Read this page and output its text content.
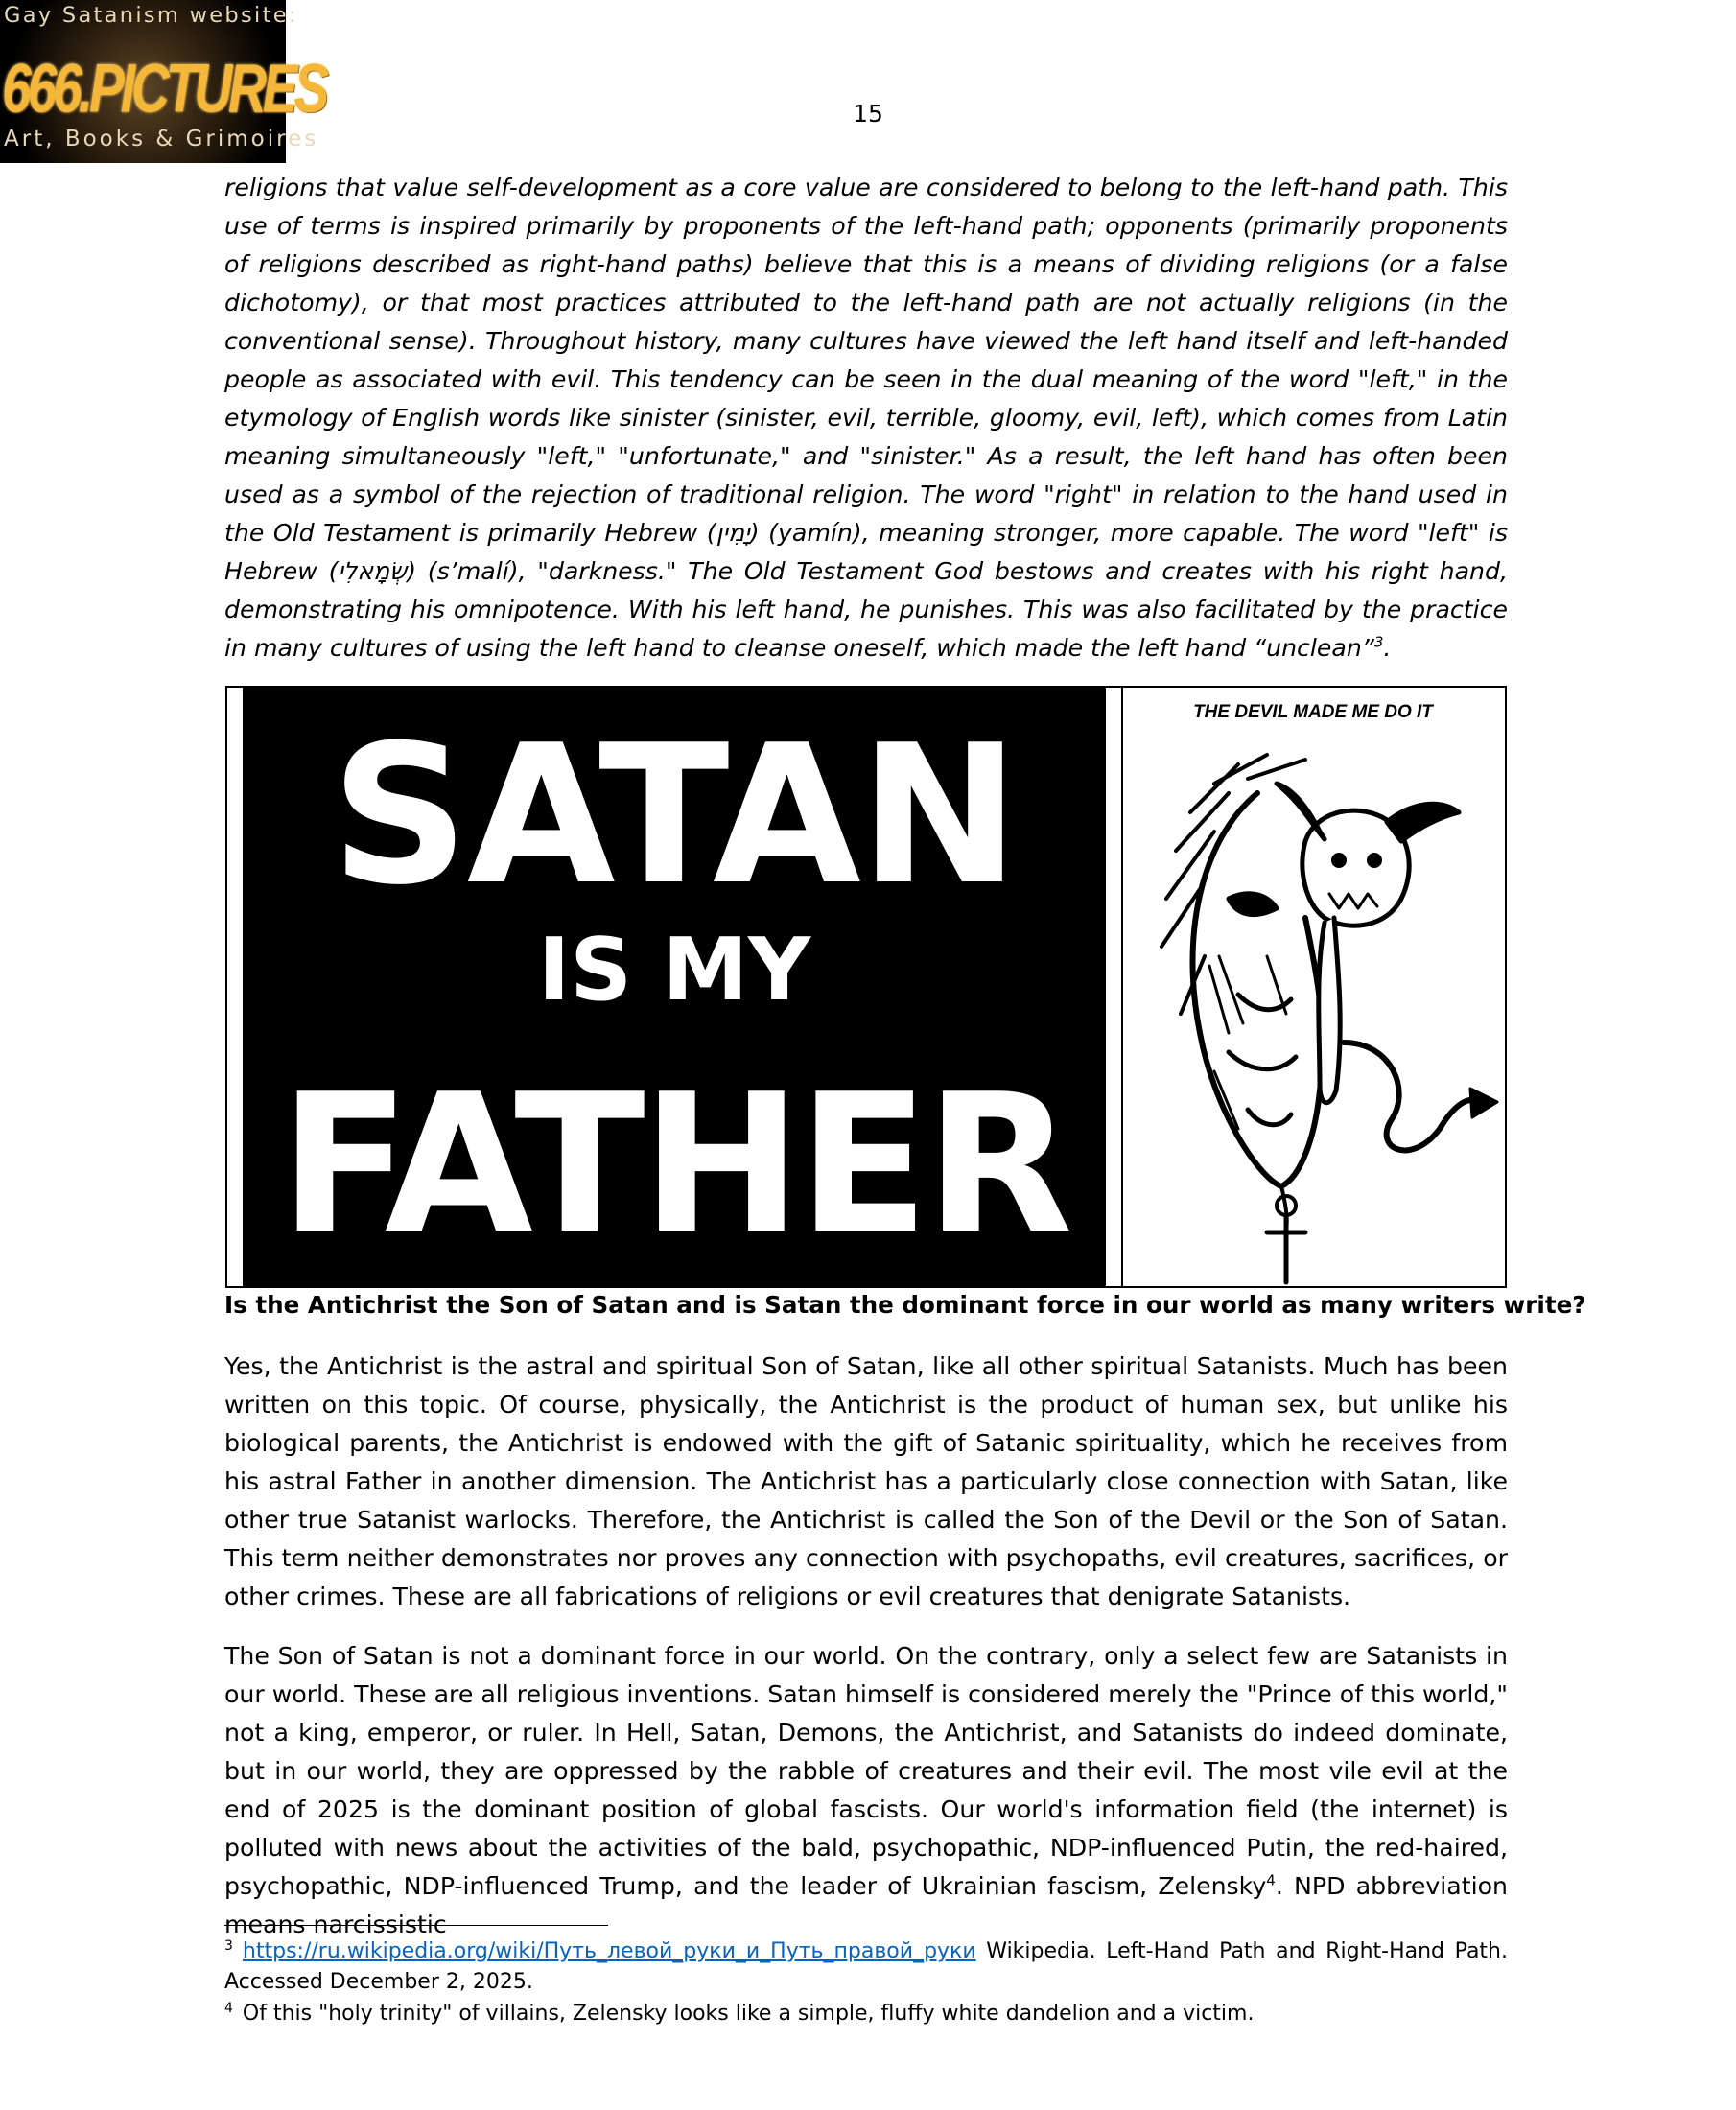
Gay Satanism website:
666.PICTURES
Art, Books & Grimoires
15

religions that value self-development as a core value are considered to belong to the left-hand path. This use of terms is inspired primarily by proponents of the left-hand path; opponents (primarily proponents of religions described as right-hand paths) believe that this is a means of dividing religions (or a false dichotomy), or that most practices attributed to the left-hand path are not actually religions (in the conventional sense). Throughout history, many cultures have viewed the left hand itself and left-handed people as associated with evil. This tendency can be seen in the dual meaning of the word "left," in the etymology of English words like sinister (sinister, evil, terrible, gloomy, evil, left), which comes from Latin meaning simultaneously "left," "unfortunate," and "sinister." As a result, the left hand has often been used as a symbol of the rejection of traditional religion. The word "right" in relation to the hand used in the Old Testament is primarily Hebrew (יָמִין) (yamín), meaning stronger, more capable. The word "left" is Hebrew (שְׂמָאלִי) (s’malí), "darkness." The Old Testament God bestows and creates with his right hand, demonstrating his omnipotence. With his left hand, he punishes. This was also facilitated by the practice in many cultures of using the left hand to cleanse oneself, which made the left hand “unclean”$^3$.

SATAN
IS MY
FATHER
THE DEVIL MADE ME DO IT
Is the Antichrist the Son of Satan and is Satan the dominant force in our world as many writers write?

Yes, the Antichrist is the astral and spiritual Son of Satan, like all other spiritual Satanists. Much has been written on this topic. Of course, physically, the Antichrist is the product of human sex, but unlike his biological parents, the Antichrist is endowed with the gift of Satanic spirituality, which he receives from his astral Father in another dimension. The Antichrist has a particularly close connection with Satan, like other true Satanist warlocks. Therefore, the Antichrist is called the Son of the Devil or the Son of Satan. This term neither demonstrates nor proves any connection with psychopaths, evil creatures, sacrifices, or other crimes. These are all fabrications of religions or evil creatures that denigrate Satanists.

The Son of Satan is not a dominant force in our world. On the contrary, only a select few are Satanists in our world. These are all religious inventions. Satan himself is considered merely the "Prince of this world," not a king, emperor, or ruler. In Hell, Satan, Demons, the Antichrist, and Satanists do indeed dominate, but in our world, they are oppressed by the rabble of creatures and their evil. The most vile evil at the end of 2025 is the dominant position of global fascists. Our world's information field (the internet) is polluted with news about the activities of the bald, psychopathic, NDP-influenced Putin, the red-haired, psychopathic, NDP-influenced Trump, and the leader of Ukrainian fascism, Zelensky$^4$. NPD abbreviation means narcissistic

$^3$ https://ru.wikipedia.org/wiki/Путь_левой_руки_и_Путь_правой_руки Wikipedia. Left-Hand Path and Right-Hand Path. Accessed December 2, 2025.

$^4$ Of this "holy trinity" of villains, Zelensky looks like a simple, fluffy white dandelion and a victim.
